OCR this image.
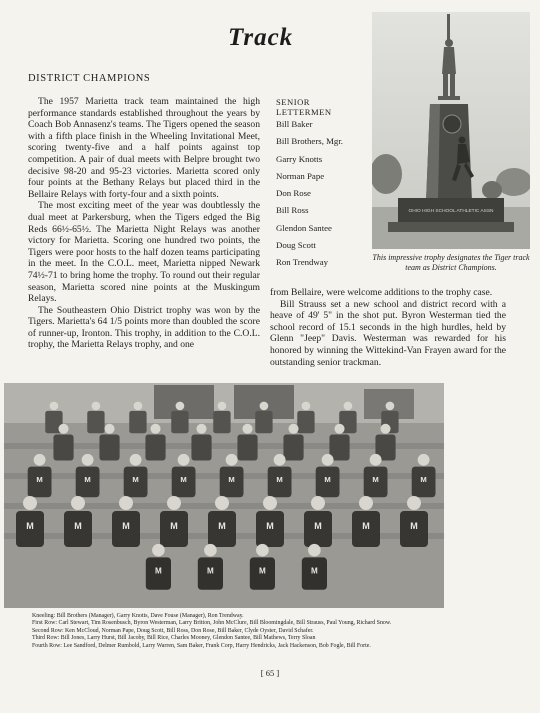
Track
DISTRICT CHAMPIONS

The 1957 Marietta track team maintained the high performance standards established throughout the years by Coach Bob Annasenz's teams. The Tigers opened the season with a fifth place finish in the Wheeling Invitational Meet, scoring twenty-five and a half points against top competition. A pair of dual meets with Belpre brought two decisive 98-20 and 95-23 victories. Marietta scored only four points at the Bethany Relays but placed third in the Bellaire Relays with forty-four and a sixth points.

The most exciting meet of the year was doubtlessly the dual meet at Parkersburg, when the Tigers edged the Big Reds 66½-65½. The Marietta Night Relays was another victory for Marietta. Scoring one hundred two points, the Tigers were poor hosts to the half dozen teams participating in the meet. In the C.O.L. meet, Marietta nipped Newark 74½-71 to bring home the trophy. To round out their regular season, Marietta scored nine points at the Muskingum Relays.

The Southeastern Ohio District trophy was won by the Tigers. Marietta's 64 1/5 points more than doubled the score of runner-up, Ironton. This trophy, in addition to the C.O.L. trophy, the Marietta Relays trophy, and one

SENIOR
LETTERMEN
Bill Baker
Bill Brothers, Mgr.
Garry Knotts
Norman Pape
Don Rose
Bill Ross
Glendon Santee
Doug Scott
Ron Trendway
OHIO HIGH SCHOOL ATHLETIC ASSN
This impressive trophy designates the Tiger track team as District Champions.

from Bellaire, were welcome additions to the trophy case.

Bill Strauss set a new school and district record with a heave of 49' 5" in the shot put. Byron Westerman tied the school record of 15.1 seconds in the high hurdles, held by Glenn "Jeep" Davis. Westerman was rewarded for his honored by winning the Wittekind-Van Frayen award for the outstanding senior trackman.

M	M	M	M	M	M	M	M	M
M	M	M	M	M	M	M	M	M
M	M	M	M

Kneeling: Bill Brothers (Manager), Garry Knotts, Dave Fouse (Manager), Ron Trendway.

First Row: Carl Stewart, Tim Rosenbusch, Byron Westerman, Larry Britton, John McClure, Bill Bloomingdale, Bill Strauss, Paul Young, Richard Snow.

Second Row: Ken McCloud, Norman Pape, Doug Scott, Bill Ross, Don Rose, Bill Baker, Clyde Oyster, David Schafer.

Third Row: Bill Jones, Larry Hurst, Bill Jacoby, Bill Rice, Charles Mooney, Glendon Santee, Bill Mathews, Terry Sloan

Fourth Row: Lee Sandford, Delmer Rumbold, Larry Warren, Sam Baker, Frank Corp, Harry Hendricks, Jack Hackenson, Bob Fogle, Bill Forte.

[ 65 ]
